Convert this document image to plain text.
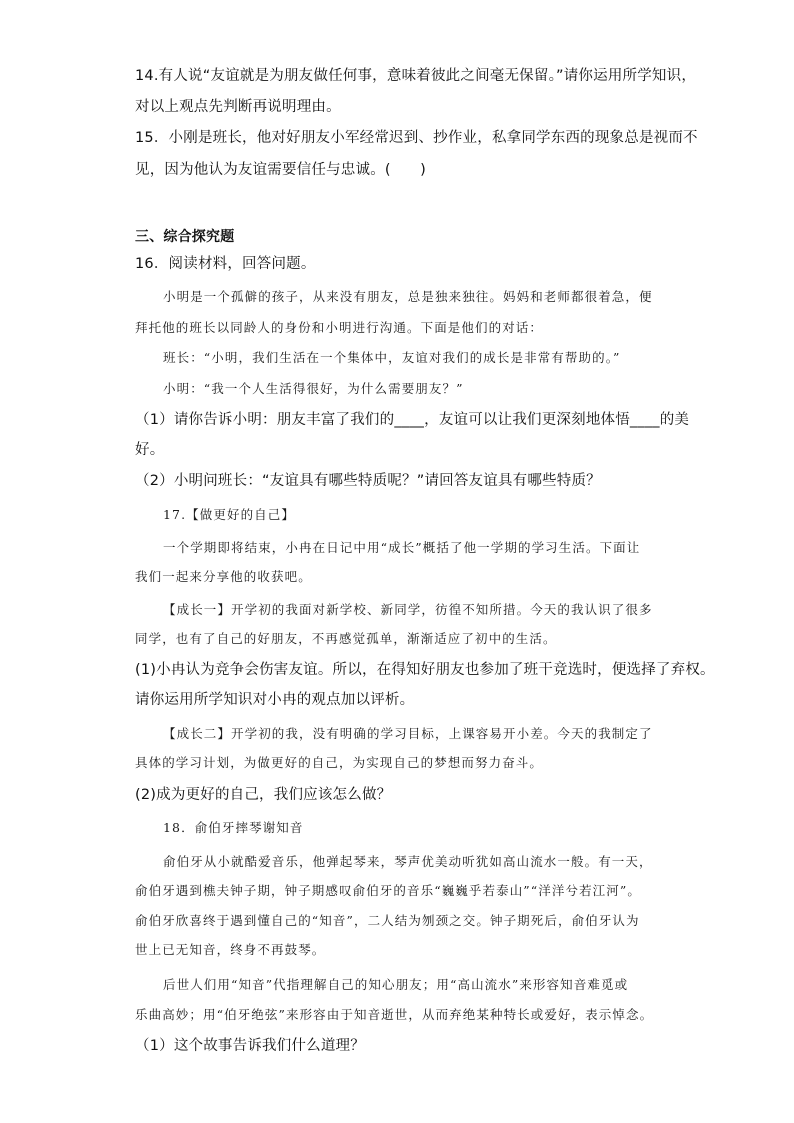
14.有人说“友谊就是为朋友做任何事，意味着彼此之间毫无保留。”请你运用所学知识，
对以上观点先判断再说明理由。
15．小刚是班长，他对好朋友小军经常迟到、抄作业，私拿同学东西的现象总是视而不
见，因为他认为友谊需要信任与忠诚。(　　)
三、综合探究题
16．阅读材料，回答问题。
小明是一个孤僻的孩子，从来没有朋友，总是独来独往。妈妈和老师都很着急，便
拜托他的班长以同龄人的身份和小明进行沟通。下面是他们的对话：
班长：“小明，我们生活在一个集体中，友谊对我们的成长是非常有帮助的。”
小明：“我一个人生活得很好，为什么需要朋友？”
（1）请你告诉小明：朋友丰富了我们的____，友谊可以让我们更深刻地体悟____的美
好。
（2）小明问班长：“友谊具有哪些特质呢？”请回答友谊具有哪些特质？
17.【做更好的自己】
一个学期即将结束，小冉在日记中用“成长”概括了他一学期的学习生活。下面让
我们一起来分享他的收获吧。
【成长一】开学初的我面对新学校、新同学，彷徨不知所措。今天的我认识了很多
同学，也有了自己的好朋友，不再感觉孤单，渐渐适应了初中的生活。
(1)小冉认为竞争会伤害友谊。所以，在得知好朋友也参加了班干竞选时，便选择了弃权。
请你运用所学知识对小冉的观点加以评析。
【成长二】开学初的我，没有明确的学习目标，上课容易开小差。今天的我制定了
具体的学习计划，为做更好的自己，为实现自己的梦想而努力奋斗。
(2)成为更好的自己，我们应该怎么做？
18．俞伯牙摔琴谢知音
俞伯牙从小就酷爱音乐，他弹起琴来，琴声优美动听犹如高山流水一般。有一天，
俞伯牙遇到樵夫钟子期，钟子期感叹俞伯牙的音乐“巍巍乎若泰山”“洋洋兮若江河”。
俞伯牙欣喜终于遇到懂自己的“知音”，二人结为刎颈之交。钟子期死后，俞伯牙认为
世上已无知音，终身不再鼓琴。
后世人们用“知音”代指理解自己的知心朋友；用“高山流水”来形容知音难觅或
乐曲高妙；用“伯牙绝弦”来形容由于知音逝世，从而弃绝某种特长或爱好，表示悼念。
（1）这个故事告诉我们什么道理？
